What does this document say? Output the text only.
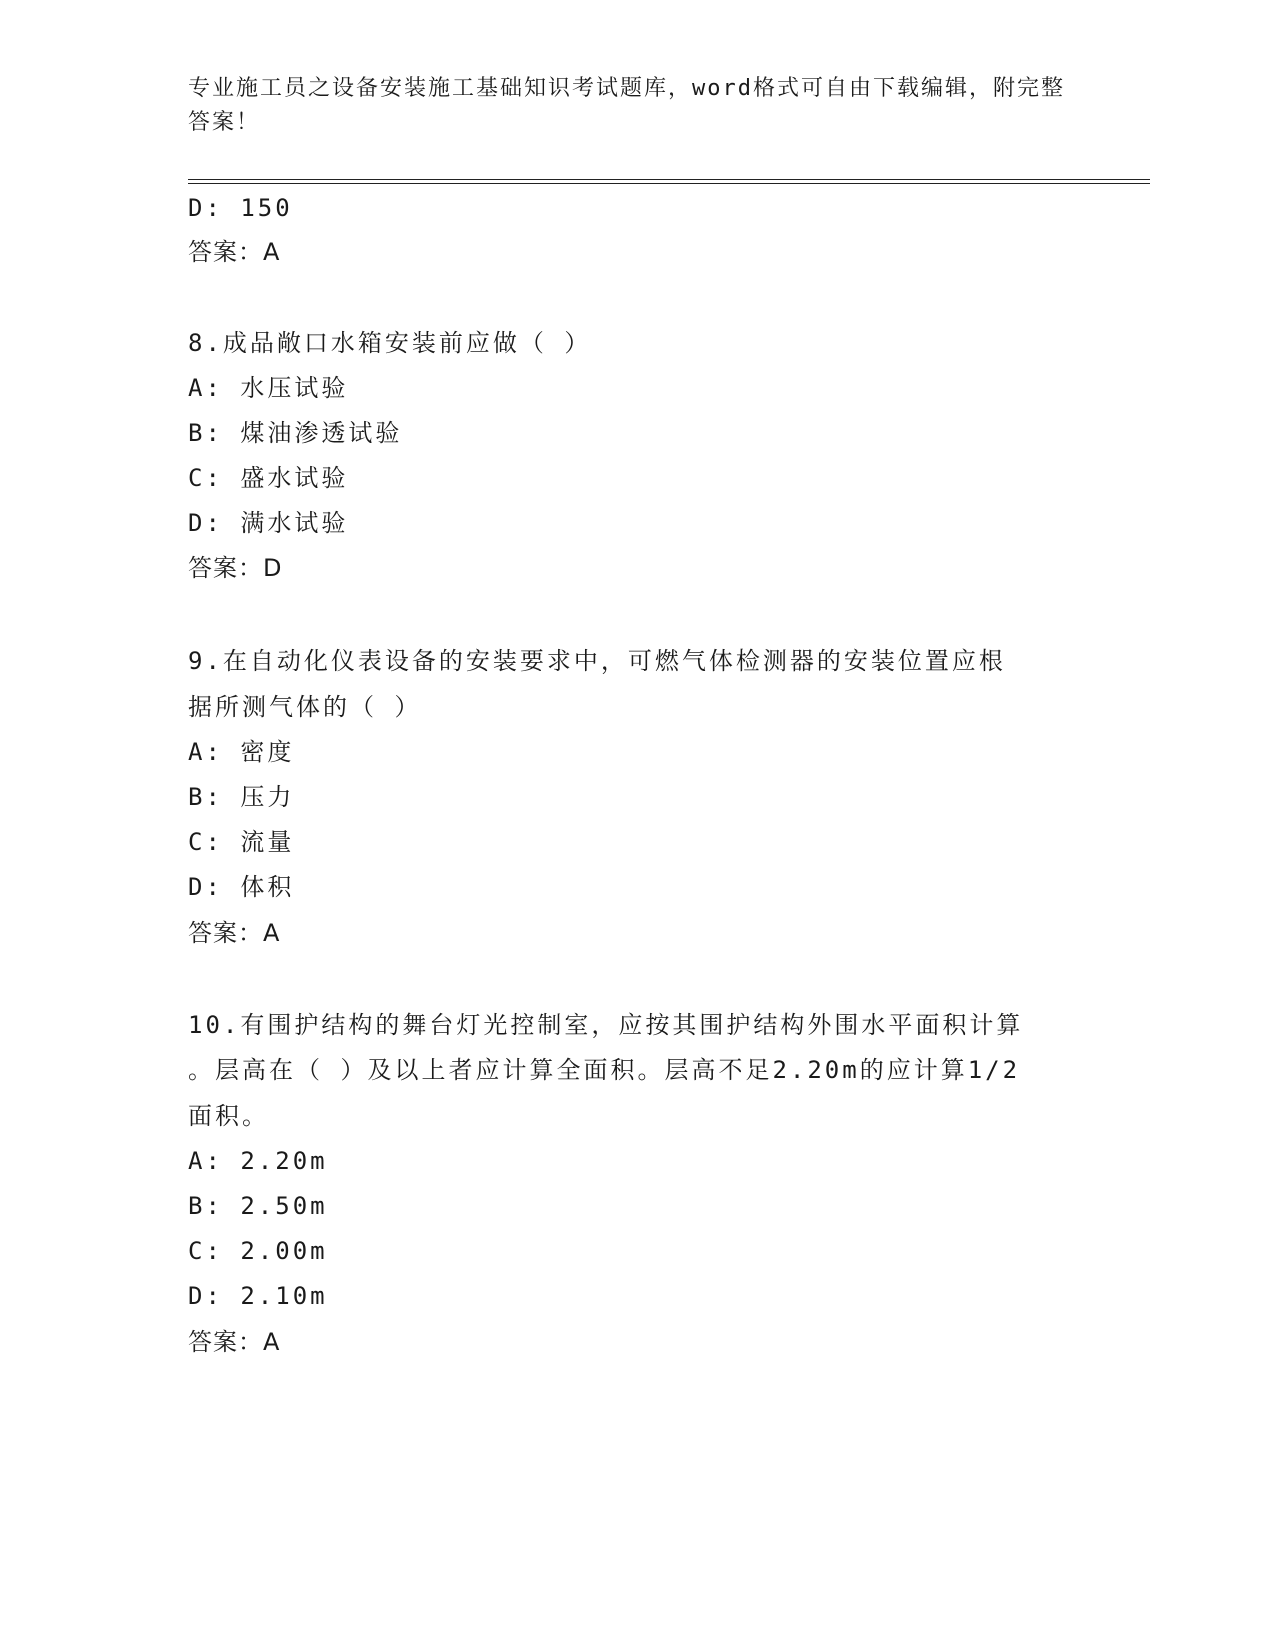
专业施工员之设备安装施工基础知识考试题库，word格式可自由下载编辑，附完整答案！
D: 150
答案：A
8.成品敞口水箱安装前应做（ ）
A: 水压试验
B: 煤油渗透试验
C: 盛水试验
D: 满水试验
答案：D
9.在自动化仪表设备的安装要求中，可燃气体检测器的安装位置应根
据所测气体的（ ）
A: 密度
B: 压力
C: 流量
D: 体积
答案：A
10.有围护结构的舞台灯光控制室，应按其围护结构外围水平面积计算
。层高在（ ）及以上者应计算全面积。层高不足2.20m的应计算1/2
面积。
A: 2.20m
B: 2.50m
C: 2.00m
D: 2.10m
答案：A
